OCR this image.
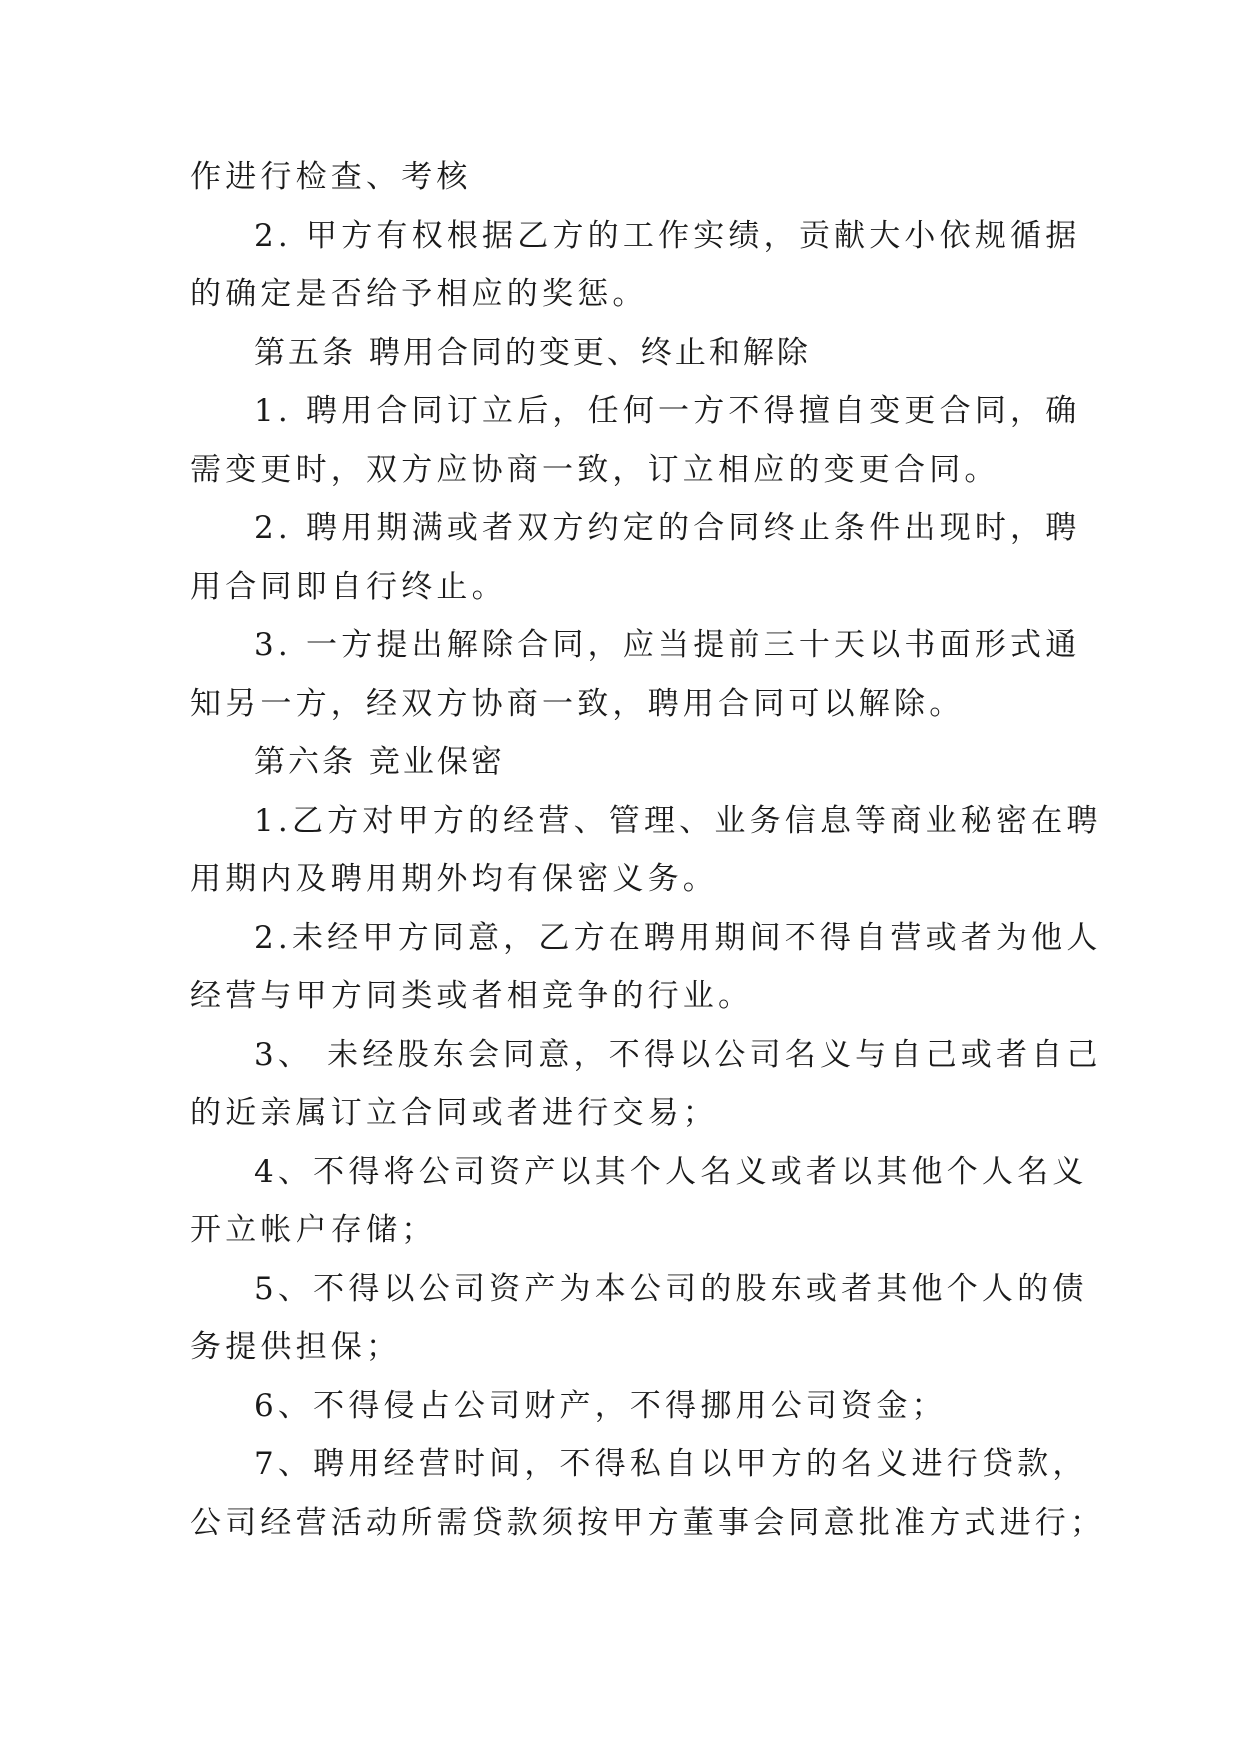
作进行检查、考核
2. 甲方有权根据乙方的工作实绩，贡献大小依规循据
的确定是否给予相应的奖惩。
第五条 聘用合同的变更、终止和解除
1. 聘用合同订立后，任何一方不得擅自变更合同，确
需变更时，双方应协商一致，订立相应的变更合同。
2. 聘用期满或者双方约定的合同终止条件出现时，聘
用合同即自行终止。
3. 一方提出解除合同，应当提前三十天以书面形式通
知另一方，经双方协商一致，聘用合同可以解除。
第六条 竞业保密
1.乙方对甲方的经营、管理、业务信息等商业秘密在聘
用期内及聘用期外均有保密义务。
2.未经甲方同意，乙方在聘用期间不得自营或者为他人
经营与甲方同类或者相竞争的行业。
3、 未经股东会同意，不得以公司名义与自己或者自己
的近亲属订立合同或者进行交易；
4、不得将公司资产以其个人名义或者以其他个人名义
开立帐户存储；
5、不得以公司资产为本公司的股东或者其他个人的债
务提供担保；
6、不得侵占公司财产，不得挪用公司资金；
7、聘用经营时间，不得私自以甲方的名义进行贷款，
公司经营活动所需贷款须按甲方董事会同意批准方式进行；
